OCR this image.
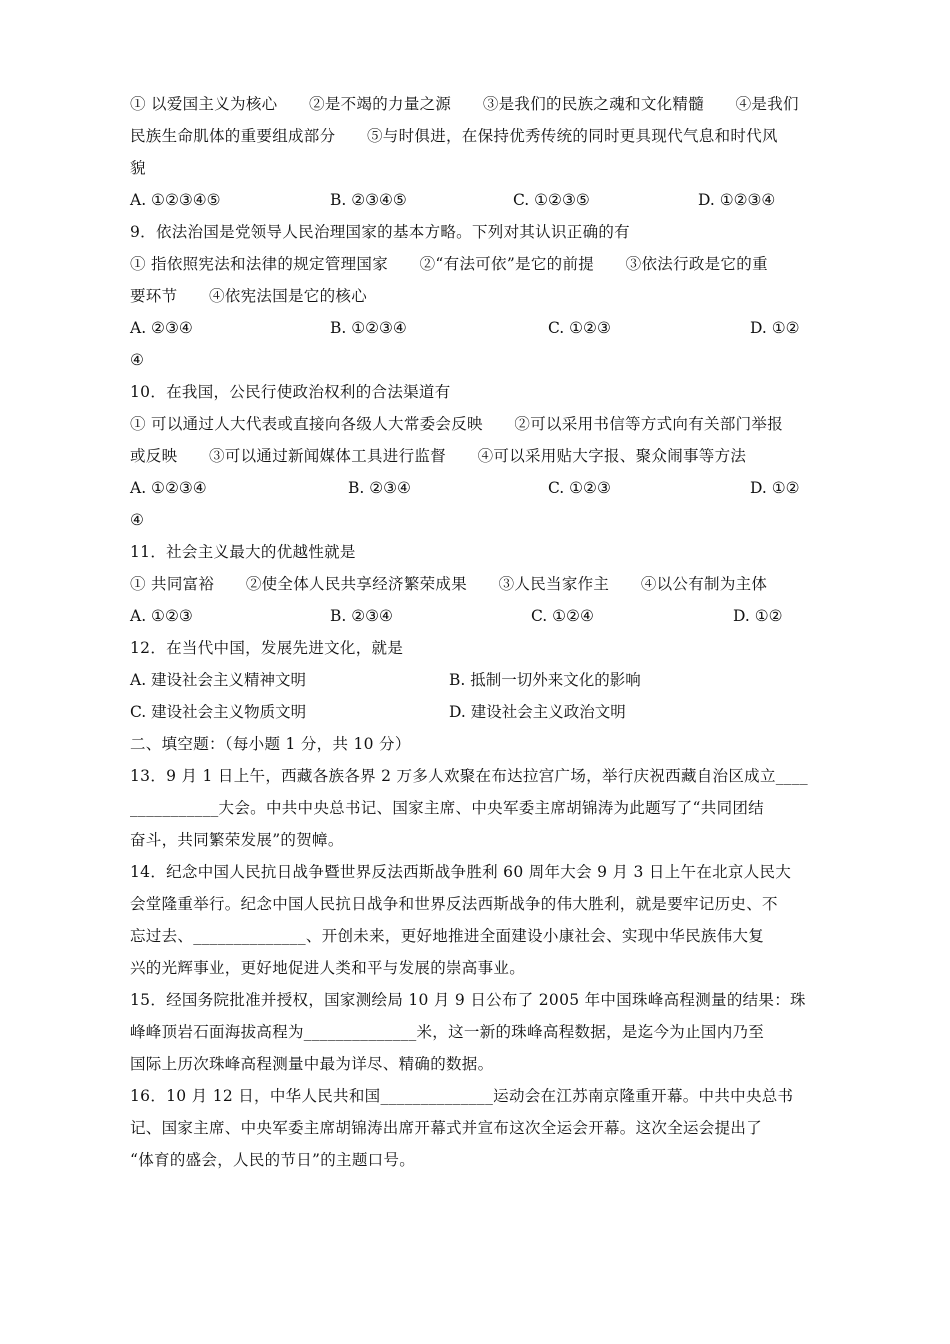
① 以爱国主义为核心　　②是不竭的力量之源　　③是我们的民族之魂和文化精髓　　④是我们
民族生命肌体的重要组成部分　　⑤与时俱进，在保持优秀传统的同时更具现代气息和时代风
貌
A. ①②③④⑤	B. ②③④⑤	C. ①②③⑤	D. ①②③④
9．依法治国是党领导人民治理国家的基本方略。下列对其认识正确的有
① 指依照宪法和法律的规定管理国家　　②“有法可依”是它的前提　　③依法行政是它的重
要环节　　④依宪法国是它的核心
A. ②③④	B. ①②③④	C. ①②③	D. ①②
④
10．在我国，公民行使政治权利的合法渠道有
① 可以通过人大代表或直接向各级人大常委会反映　　②可以采用书信等方式向有关部门举报
或反映　　③可以通过新闻媒体工具进行监督　　④可以采用贴大字报、聚众闹事等方法
A. ①②③④	B. ②③④	C. ①②③	D. ①②
④
11．社会主义最大的优越性就是
① 共同富裕　　②使全体人民共享经济繁荣成果　　③人民当家作主　　④以公有制为主体
A. ①②③	B. ②③④	C. ①②④	D. ①②
12．在当代中国，发展先进文化，就是
A. 建设社会主义精神文明	B. 抵制一切外来文化的影响
C. 建设社会主义物质文明	D. 建设社会主义政治文明
二、填空题：（每小题 1 分，共 10 分）
13．9 月 1 日上午，西藏各族各界 2 万多人欢聚在布达拉宫广场，举行庆祝西藏自治区成立____
___________大会。中共中央总书记、国家主席、中央军委主席胡锦涛为此题写了“共同团结
奋斗，共同繁荣发展”的贺幛。
14．纪念中国人民抗日战争暨世界反法西斯战争胜利 60 周年大会 9 月 3 日上午在北京人民大
会堂隆重举行。纪念中国人民抗日战争和世界反法西斯战争的伟大胜利，就是要牢记历史、不
忘过去、______________、开创未来，更好地推进全面建设小康社会、实现中华民族伟大复
兴的光辉事业，更好地促进人类和平与发展的崇高事业。
15．经国务院批准并授权，国家测绘局 10 月 9 日公布了 2005 年中国珠峰高程测量的结果：珠
峰峰顶岩石面海拔高程为______________米，这一新的珠峰高程数据，是迄今为止国内乃至
国际上历次珠峰高程测量中最为详尽、精确的数据。
16．10 月 12 日，中华人民共和国______________运动会在江苏南京隆重开幕。中共中央总书
记、国家主席、中央军委主席胡锦涛出席开幕式并宣布这次全运会开幕。这次全运会提出了
“体育的盛会，人民的节日”的主题口号。
